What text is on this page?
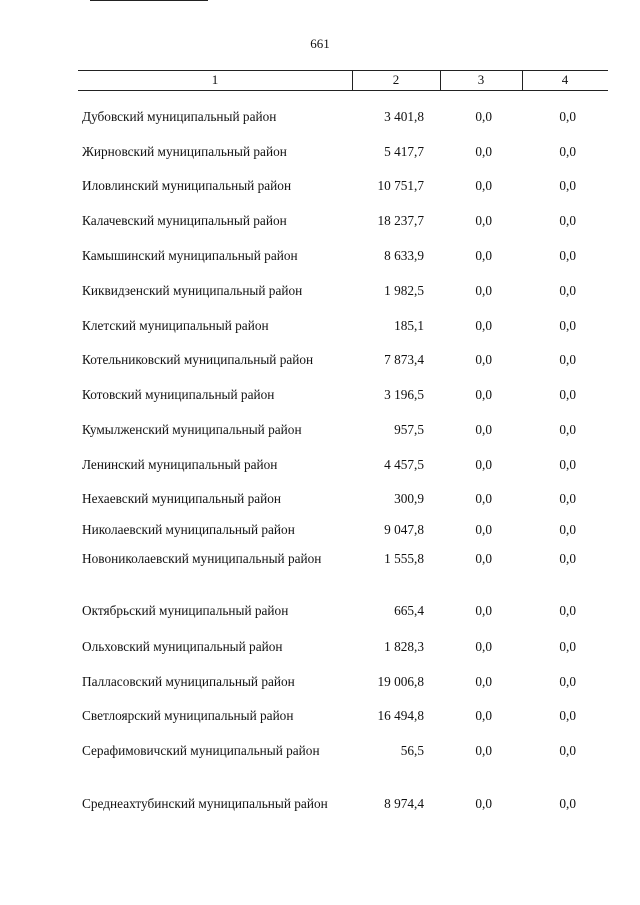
661
1	2	3	4
Дубовский муниципальный район	3 401,8	0,0	0,0
Жирновский муниципальный район	5 417,7	0,0	0,0
Иловлинский муниципальный район	10 751,7	0,0	0,0
Калачевский муниципальный район	18 237,7	0,0	0,0
Камышинский муниципальный район	8 633,9	0,0	0,0
Киквидзенский муниципальный район	1 982,5	0,0	0,0
Клетский муниципальный район	185,1	0,0	0,0
Котельниковский муниципальный район	7 873,4	0,0	0,0
Котовский муниципальный район	3 196,5	0,0	0,0
Кумылженский муниципальный район	957,5	0,0	0,0
Ленинский муниципальный район	4 457,5	0,0	0,0
Нехаевский муниципальный район	300,9	0,0	0,0
Николаевский муниципальный район	9 047,8	0,0	0,0
Новониколаевский муниципальный район	1 555,8	0,0	0,0
Октябрьский муниципальный район	665,4	0,0	0,0
Ольховский муниципальный район	1 828,3	0,0	0,0
Палласовский муниципальный район	19 006,8	0,0	0,0
Светлоярский муниципальный район	16 494,8	0,0	0,0
Серафимовичский муниципальный район	56,5	0,0	0,0
Среднеахтубинский муниципальный район	8 974,4	0,0	0,0
